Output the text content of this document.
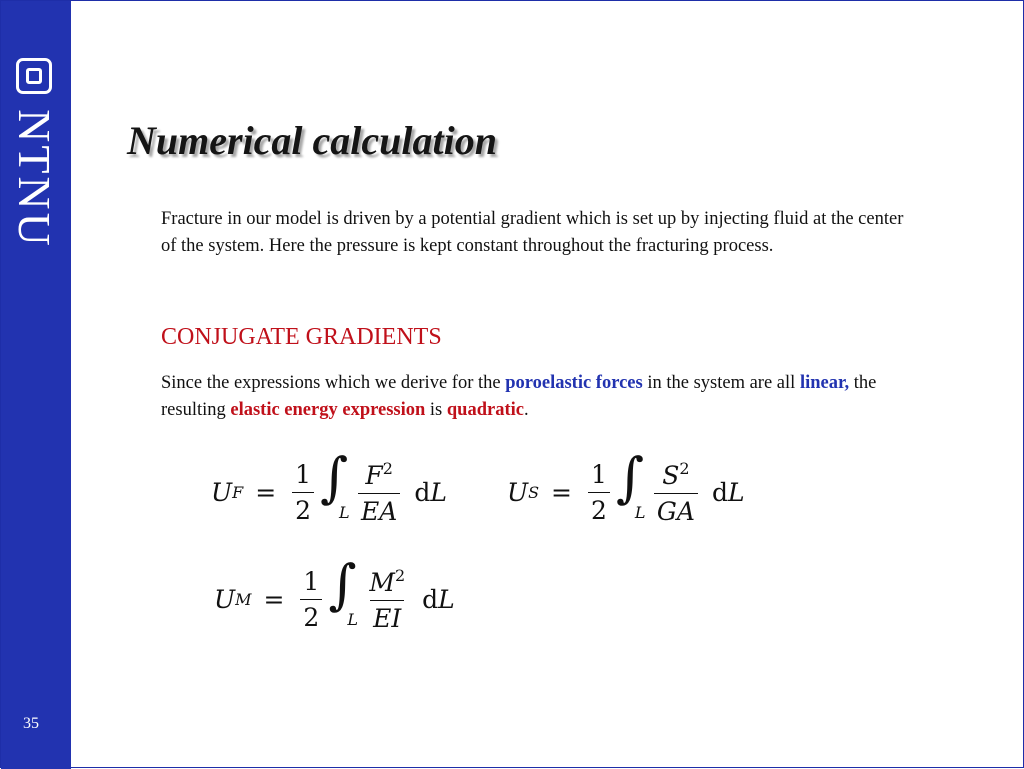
NTNU
35
Numerical calculation

Fracture in our model is driven by a potential gradient which is set up by injecting fluid at the center of the system. Here the pressure is kept constant throughout the fracturing process.

CONJUGATE GRADIENTS

Since the expressions which we derive for the poroelastic forces in the system are all linear, the resulting elastic energy expression is quadratic.

U $F = \frac{1}{2}$ ∫
L $\frac{F^2}{EA}$ dL U $S = \frac{1}{2}$ ∫
L $\frac{S^2}{GA}$ dL
U $M = \frac{1}{2}$ ∫
L $\frac{M^2}{EI}$ dL
